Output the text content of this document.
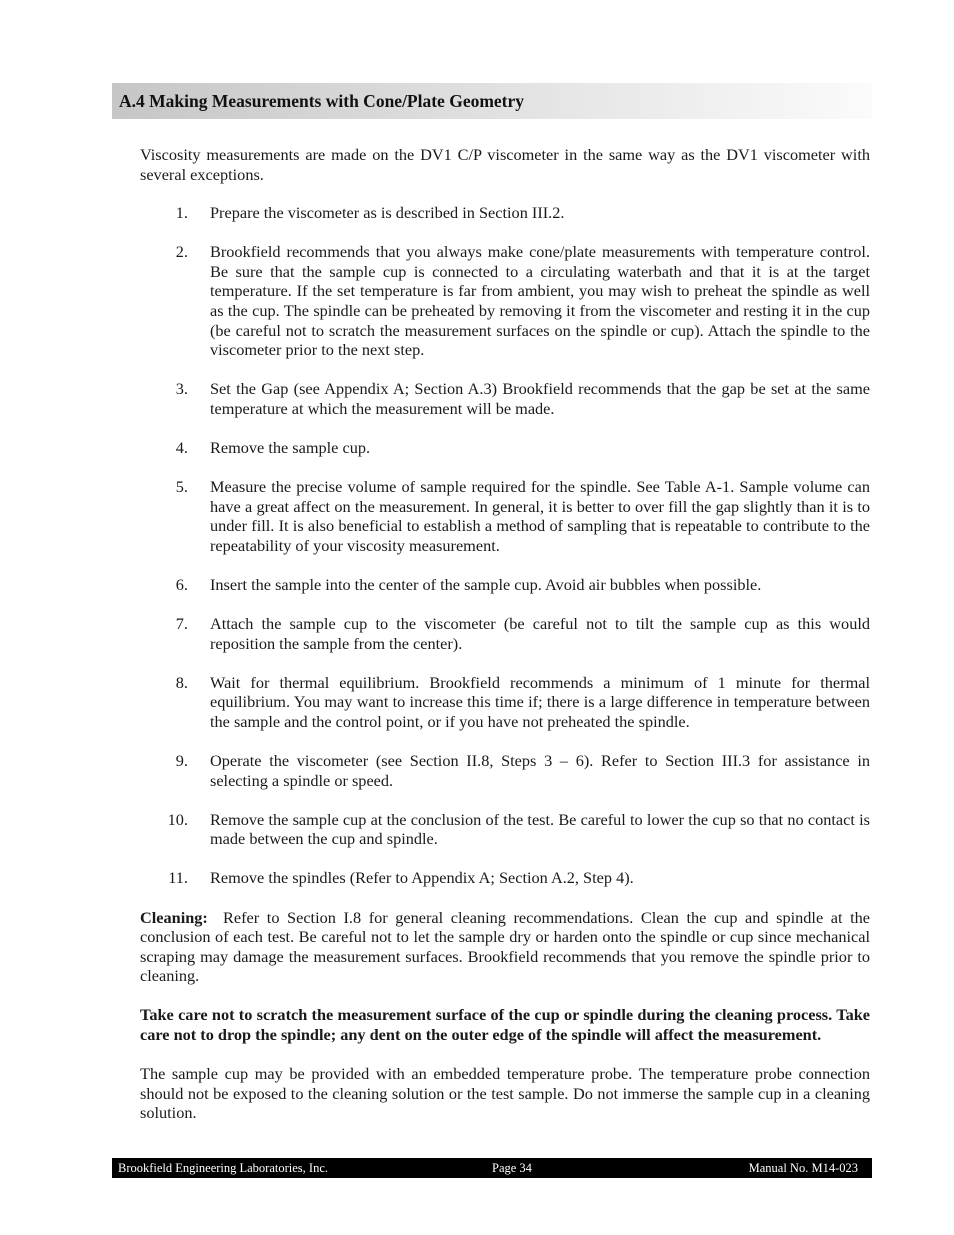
A.4 Making Measurements with Cone/Plate Geometry

Viscosity measurements are made on the DV1 C/P viscometer in the same way as the DV1 viscometer with several exceptions.

1. Prepare the viscometer as is described in Section III.2.
2. Brookfield recommends that you always make cone/plate measurements with temperature control. Be sure that the sample cup is connected to a circulating waterbath and that it is at the target temperature. If the set temperature is far from ambient, you may wish to preheat the spindle as well as the cup. The spindle can be preheated by removing it from the viscometer and resting it in the cup (be careful not to scratch the measurement surfaces on the spindle or cup). Attach the spindle to the viscometer prior to the next step.
3. Set the Gap (see Appendix A; Section A.3) Brookfield recommends that the gap be set at the same temperature at which the measurement will be made.
4. Remove the sample cup.
5. Measure the precise volume of sample required for the spindle. See Table A-1. Sample volume can have a great affect on the measurement. In general, it is better to over fill the gap slightly than it is to under fill. It is also beneficial to establish a method of sampling that is repeatable to contribute to the repeatability of your viscosity measurement.
6. Insert the sample into the center of the sample cup. Avoid air bubbles when possible.
7. Attach the sample cup to the viscometer (be careful not to tilt the sample cup as this would reposition the sample from the center).
8. Wait for thermal equilibrium. Brookfield recommends a minimum of 1 minute for thermal equilibrium. You may want to increase this time if; there is a large difference in temperature between the sample and the control point, or if you have not preheated the spindle.
9. Operate the viscometer (see Section II.8, Steps 3 – 6). Refer to Section III.3 for assistance in selecting a spindle or speed.
10. Remove the sample cup at the conclusion of the test. Be careful to lower the cup so that no contact is made between the cup and spindle.
11. Remove the spindles (Refer to Appendix A; Section A.2, Step 4).

Cleaning: Refer to Section I.8 for general cleaning recommendations. Clean the cup and spindle at the conclusion of each test. Be careful not to let the sample dry or harden onto the spindle or cup since mechanical scraping may damage the measurement surfaces. Brookfield recommends that you remove the spindle prior to cleaning.

Take care not to scratch the measurement surface of the cup or spindle during the cleaning process. Take care not to drop the spindle; any dent on the outer edge of the spindle will affect the measurement.

The sample cup may be provided with an embedded temperature probe. The temperature probe connection should not be exposed to the cleaning solution or the test sample. Do not immerse the sample cup in a cleaning solution.

Brookfield Engineering Laboratories, Inc.	Page 34	Manual No. M14-023
